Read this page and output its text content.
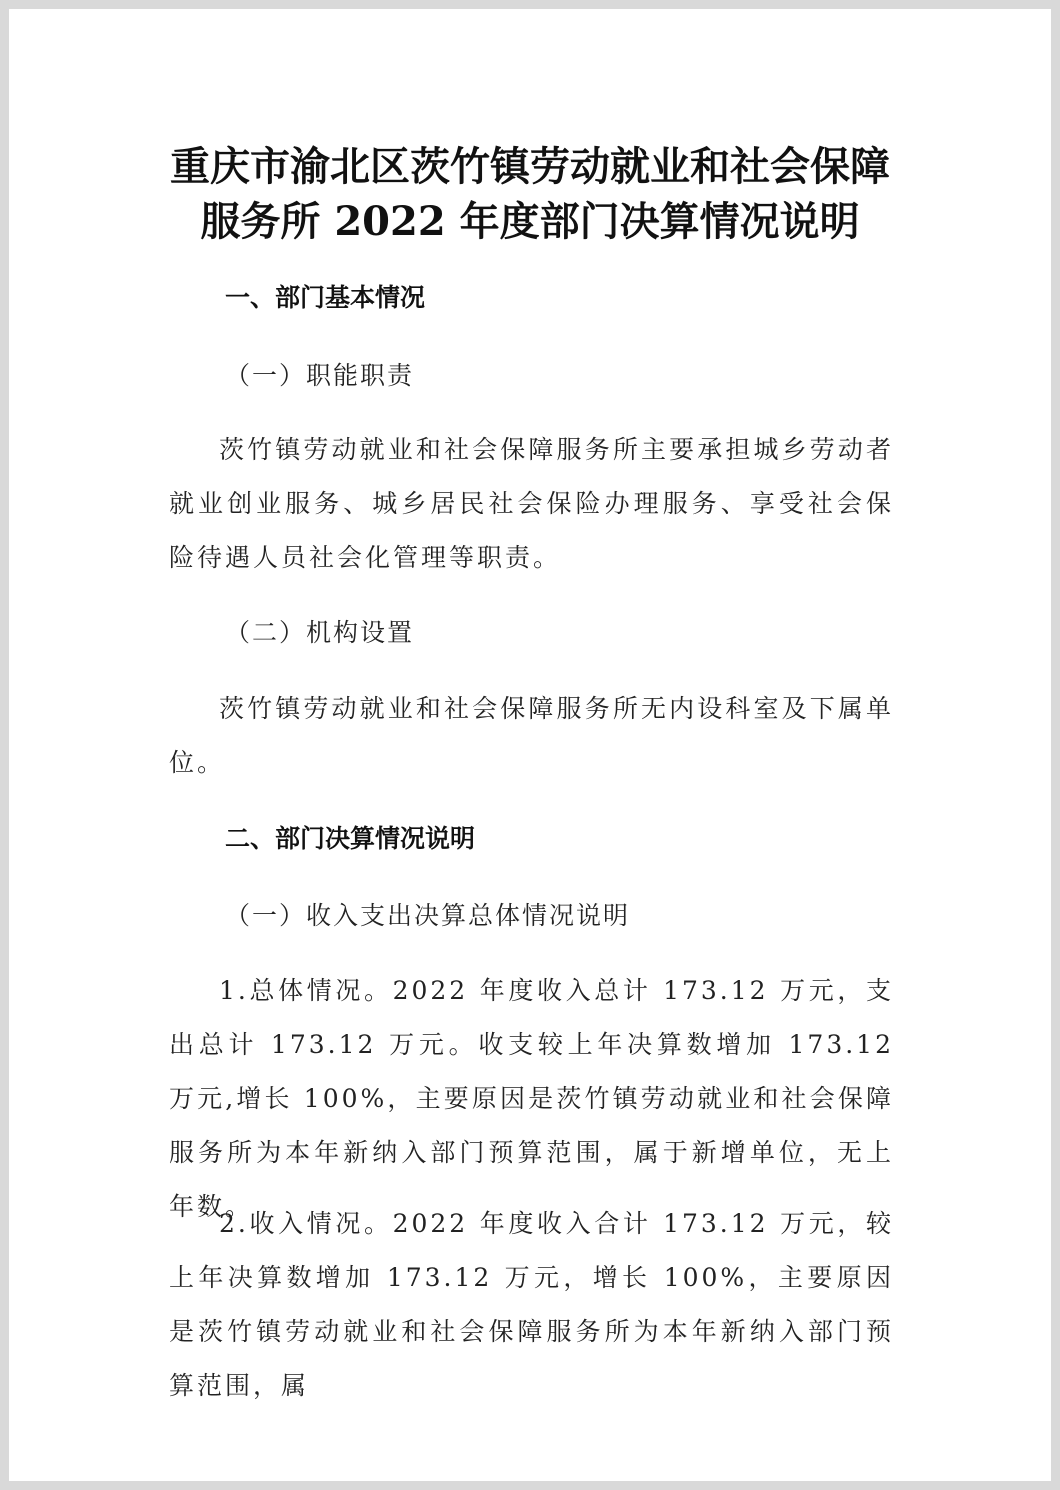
重庆市渝北区茨竹镇劳动就业和社会保障
服务所 2022 年度部门决算情况说明
一、部门基本情况
（一）职能职责

茨竹镇劳动就业和社会保障服务所主要承担城乡劳动者就业创业服务、城乡居民社会保险办理服务、享受社会保险待遇人员社会化管理等职责。

（二）机构设置

茨竹镇劳动就业和社会保障服务所无内设科室及下属单位。

二、部门决算情况说明
（一）收入支出决算总体情况说明

1.总体情况。2022 年度收入总计 173.12 万元，支出总计 173.12 万元。收支较上年决算数增加 173.12 万元,增长 100%，主要原因是茨竹镇劳动就业和社会保障服务所为本年新纳入部门预算范围，属于新增单位，无上年数。

2.收入情况。2022 年度收入合计 173.12 万元，较上年决算数增加 173.12 万元，增长 100%，主要原因是茨竹镇劳动就业和社会保障服务所为本年新纳入部门预算范围，属
